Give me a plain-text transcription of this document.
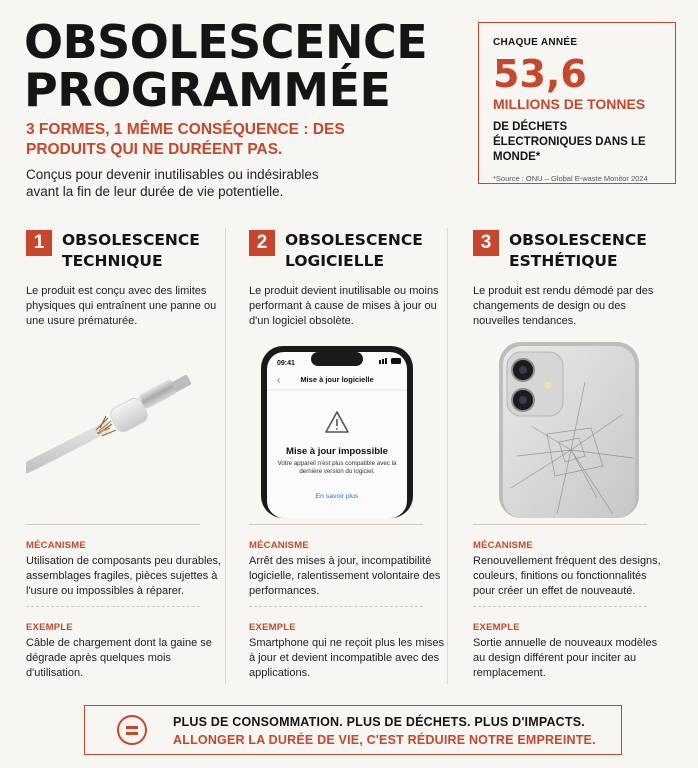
OBSOLESCENCE PROGRAMMÉE
3 FORMES, 1 MÊME CONSÉQUENCE : DES PRODUITS QUI NE DURÉENT PAS.

Conçus pour devenir inutilisables ou indésirables avant la fin de leur durée de vie potentielle.

CHAQUE ANNÉE
53,6
MILLIONS DE TONNES
DE DÉCHETS ÉLECTRONIQUES DANS LE MONDE*
*Source : ONU – Global E-waste Monitor 2024
1	OBSOLESCENCE TECHNIQUE

Le produit est conçu avec des limites physiques qui entraînent une panne ou une usure prématurée.

MÉCANISME

Utilisation de composants peu durables, assemblages fragiles, pièces sujettes à l'usure ou impossibles à réparer.

EXEMPLE

Câble de chargement dont la gaine se dégrade après quelques mois d'utilisation.

2	OBSOLESCENCE LOGICIELLE

Le produit devient inutilisable ou moins performant à cause de mises à jour ou d'un logiciel obsolète.

09:41
‹	Mise à jour logicielle
Mise à jour impossible
Votre appareil n'est plus compatible avec la dernière version du logiciel.
En savoir plus
MÉCANISME

Arrêt des mises à jour, incompatibilité logicielle, ralentissement volontaire des performances.

EXEMPLE

Smartphone qui ne reçoit plus les mises à jour et devient incompatible avec des applications.

3	OBSOLESCENCE ESTHÉTIQUE

Le produit est rendu démodé par des changements de design ou des nouvelles tendances.

MÉCANISME

Renouvellement fréquent des designs, couleurs, finitions ou fonctionnalités pour créer un effet de nouveauté.

EXEMPLE

Sortie annuelle de nouveaux modèles au design différent pour inciter au remplacement.

PLUS DE CONSOMMATION. PLUS DE DÉCHETS. PLUS D'IMPACTS.
ALLONGER LA DURÉE DE VIE, C'EST RÉDUIRE NOTRE EMPREINTE.
